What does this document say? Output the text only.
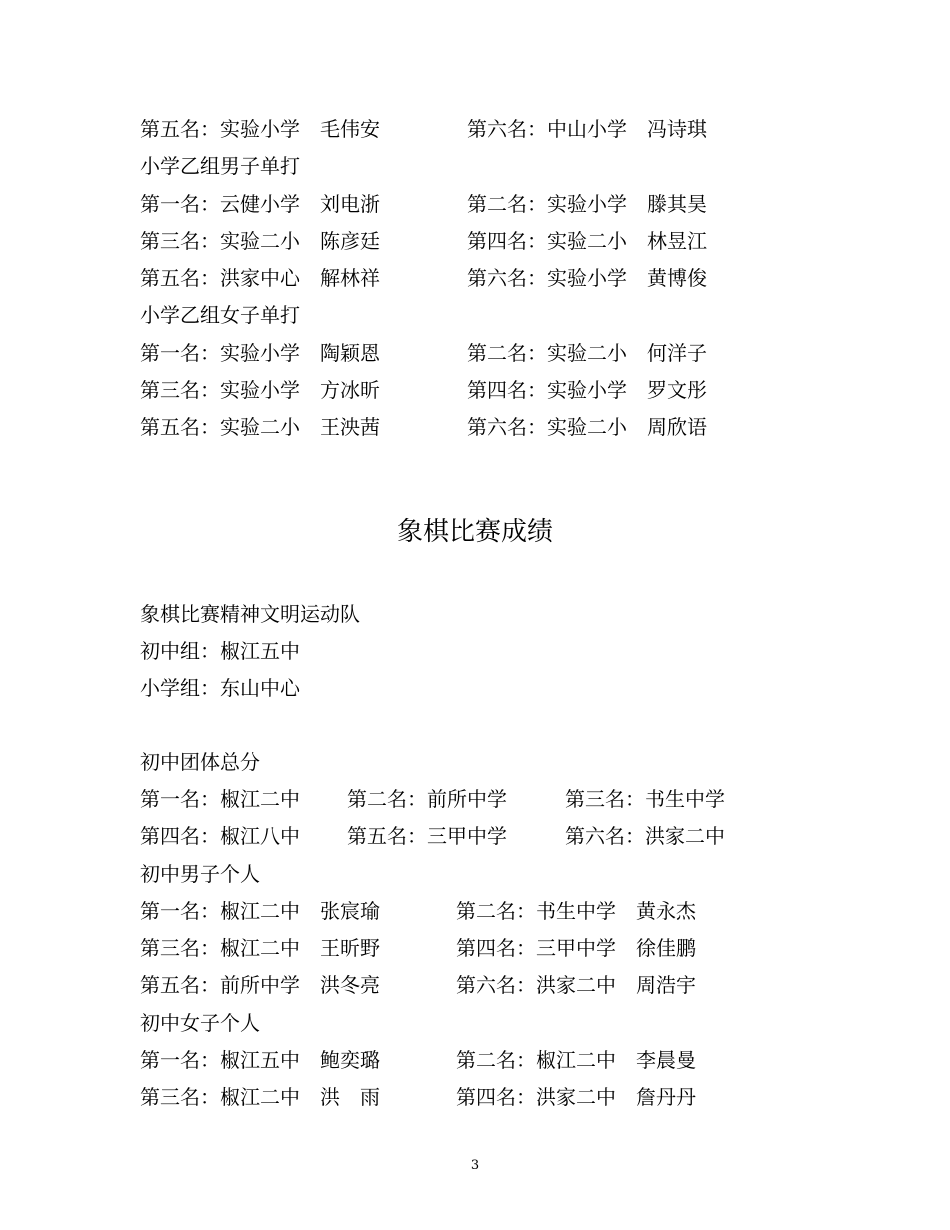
第五名：实验小学　毛伟安	第六名：中山小学　冯诗琪
小学乙组男子单打
第一名：云健小学　刘电浙	第二名：实验小学　滕其昊
第三名：实验二小　陈彦廷	第四名：实验二小　林昱江
第五名：洪家中心　解林祥	第六名：实验小学　黄博俊
小学乙组女子单打
第一名：实验小学　陶颖恩	第二名：实验二小　何洋子
第三名：实验小学　方冰昕	第四名：实验小学　罗文彤
第五名：实验二小　王泱茜	第六名：实验二小　周欣语
象棋比赛成绩
象棋比赛精神文明运动队
初中组：椒江五中
小学组：东山中心
初中团体总分
第一名：椒江二中 第二名：前所中学	第三名：书生中学
第四名：椒江八中 第五名：三甲中学	第六名：洪家二中
初中男子个人
第一名：椒江二中　张宸瑜	第二名：书生中学　黄永杰
第三名：椒江二中　王昕野	第四名：三甲中学　徐佳鹏
第五名：前所中学　洪冬亮	第六名：洪家二中　周浩宇
初中女子个人
第一名：椒江五中　鲍奕璐	第二名：椒江二中　李晨曼
第三名：椒江二中　洪　雨	第四名：洪家二中　詹丹丹
3
